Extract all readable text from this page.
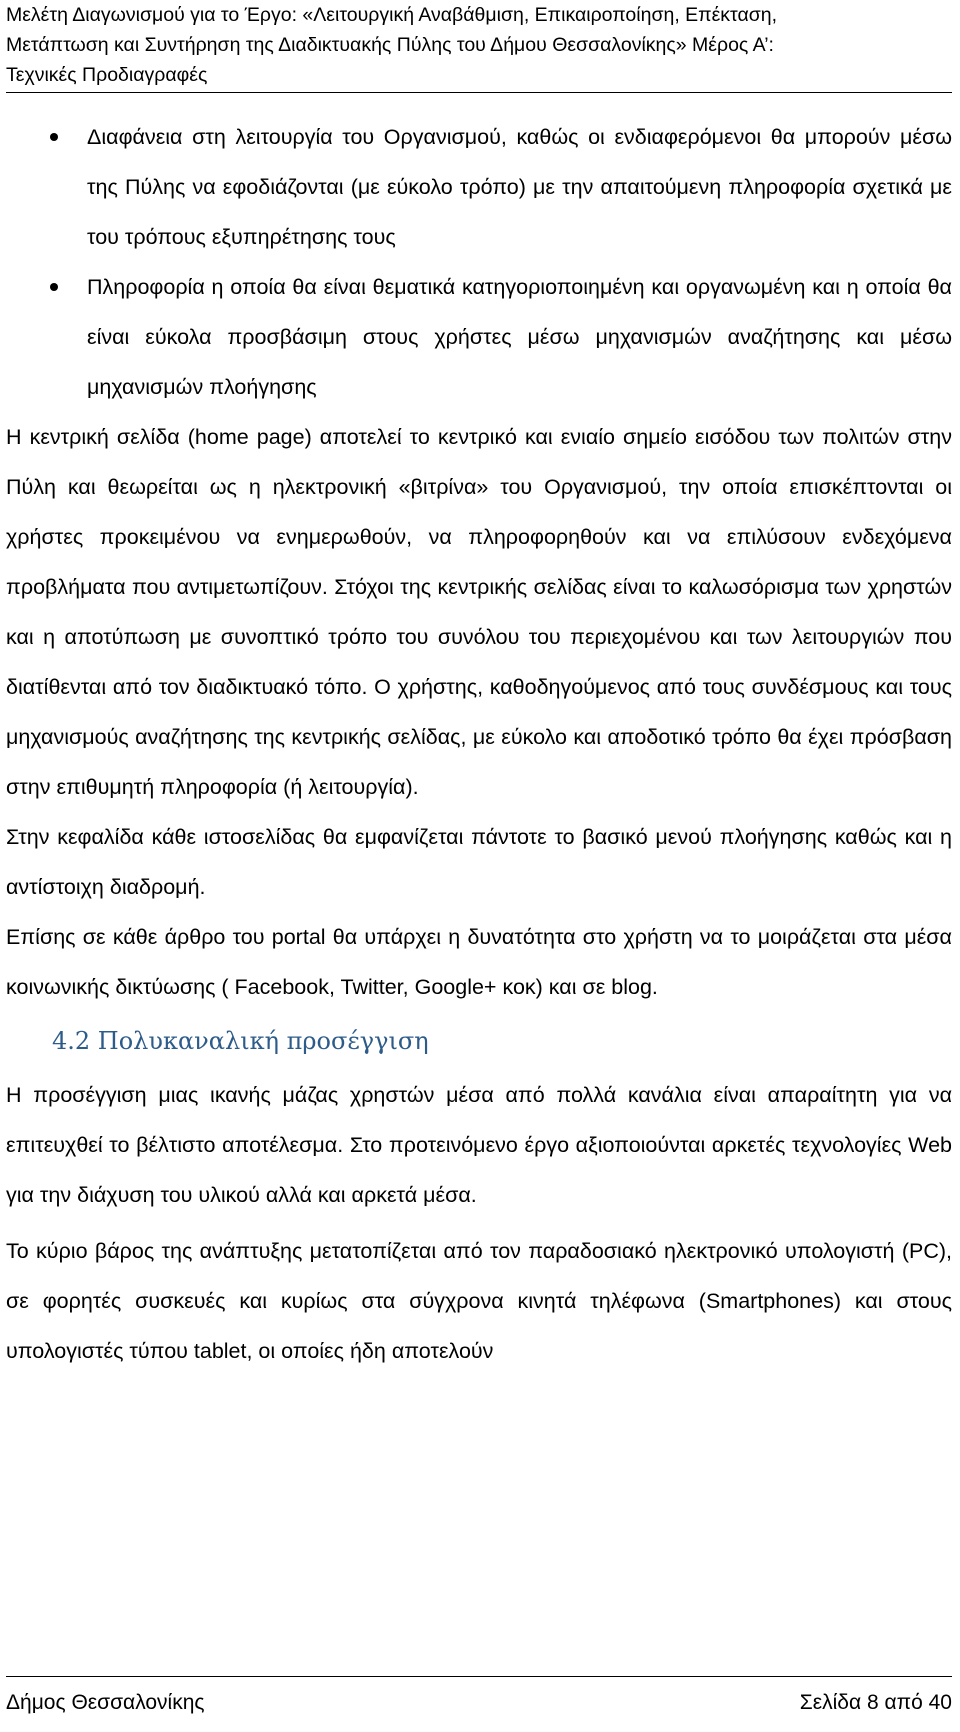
Μελέτη Διαγωνισμού για το Έργο: «Λειτουργική Αναβάθμιση, Επικαιροποίηση, Επέκταση,
Μετάπτωση και Συντήρηση της Διαδικτυακής Πύλης του Δήμου Θεσσαλονίκης» Μέρος Α’:
Τεχνικές Προδιαγραφές
Διαφάνεια στη λειτουργία του Οργανισμού, καθώς οι ενδιαφερόμενοι θα μπορούν μέσω της Πύλης να εφοδιάζονται (με εύκολο τρόπο) με την απαιτούμενη πληροφορία σχετικά με του τρόπους εξυπηρέτησης τους
Πληροφορία η οποία θα είναι θεματικά κατηγοριοποιημένη και οργανωμένη και η οποία θα είναι εύκολα προσβάσιμη στους χρήστες μέσω μηχανισμών αναζήτησης και μέσω μηχανισμών πλοήγησης

Η κεντρική σελίδα (home page) αποτελεί το κεντρικό και ενιαίο σημείο εισόδου των πολιτών στην Πύλη και θεωρείται ως η ηλεκτρονική «βιτρίνα» του Οργανισμού, την οποία επισκέπτονται οι χρήστες προκειμένου να ενημερωθούν, να πληροφορηθούν και να επιλύσουν ενδεχόμενα προβλήματα που αντιμετωπίζουν. Στόχοι της κεντρικής σελίδας είναι το καλωσόρισμα των χρηστών και η αποτύπωση με συνοπτικό τρόπο του συνόλου του περιεχομένου και των λειτουργιών που διατίθενται από τον διαδικτυακό τόπο. Ο χρήστης, καθοδηγούμενος από τους συνδέσμους και τους μηχανισμούς αναζήτησης της κεντρικής σελίδας, με εύκολο και αποδοτικό τρόπο θα έχει πρόσβαση στην επιθυμητή πληροφορία (ή λειτουργία).

Στην κεφαλίδα κάθε ιστοσελίδας θα εμφανίζεται πάντοτε το βασικό μενού πλοήγησης καθώς και η αντίστοιχη διαδρομή.

Επίσης σε κάθε άρθρο του portal θα υπάρχει η δυνατότητα στο χρήστη να το μοιράζεται στα μέσα κοινωνικής δικτύωσης ( Facebook, Twitter, Google+ κοκ) και σε blog.

4.2 Πολυκαναλική προσέγγιση

Η προσέγγιση μιας ικανής μάζας χρηστών μέσα από πολλά κανάλια είναι απαραίτητη για να επιτευχθεί το βέλτιστο αποτέλεσμα. Στο προτεινόμενο έργο αξιοποιούνται αρκετές τεχνολογίες Web για την διάχυση του υλικού αλλά και αρκετά μέσα.

Το κύριο βάρος της ανάπτυξης μετατοπίζεται από τον παραδοσιακό ηλεκτρονικό υπολογιστή (PC), σε φορητές συσκευές και κυρίως στα σύγχρονα κινητά τηλέφωνα (Smartphones) και στους υπολογιστές τύπου tablet, οι οποίες ήδη αποτελούν

Δήμος Θεσσαλονίκης	Σελίδα 8 από 40
